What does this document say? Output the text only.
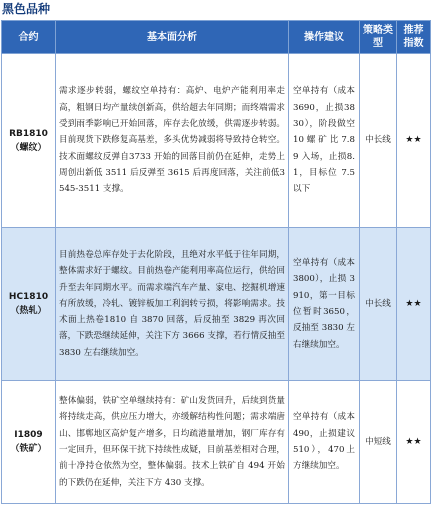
黑色品种
合约	基本面分析	操作建议	策略类型	推荐指数

RB1810
（螺纹）	需求逐步转弱，螺纹空单持有：高炉、电炉产能利用率走高，粗钢日均产量续创新高，供给超去年同期；而终端需求受到雨季影响已开始回落，库存去化放缓，供需逐步转弱。目前现货下跌修复高基差，多头优势减弱将导致持仓转空。技术面螺纹反弹自3733 开始的回落目前仍在延伸，走势上周创出新低 3511 后反弹至 3615 后再度回落，关注前低3545-3511 支撑。	空单持有（成本3690，止损3830），阶段做空 10 螺 矿 比 7.89 入场，止损8.1，目标位 7.5 以下	中长线	★★

HC1810
（热轧）	目前热卷总库存处于去化阶段，且绝对水平低于往年同期，整体需求好于螺纹。目前热卷产能利用率高位运行，供给回升至去年同期水平。而需求端汽车产量、家电、挖掘机增速有所放缓，冷轧、镀锌板加工利润转亏损，将影响需求。技术面上热卷1810 自 3870 回落，后反抽至 3829 再次回落，下跌恐继续延伸，关注下方 3666 支撑，若行情反抽至3830 左右继续加空。	空单持有（成本3800），止损 3910，第一目标位暂时3650，反抽至 3830 左右继续加空。	中长线	★★

I1809
（铁矿）	整体偏弱，铁矿空单继续持有：矿山发货回升，后续到货量将持续走高，供应压力增大，亦缓解结构性问题；需求端唐山、邯郸地区高炉复产增多，日均疏港量增加，钢厂库存有一定回升，但环保干扰下持续性成疑，目前基差相对合理，前十净持仓依然为空，整体偏弱。技术上铁矿自 494 开始的下跌仍在延伸，关注下方 430 支撑。	空单持有（成本490，止损建议510），470上方继续加空。	中短线	★★
